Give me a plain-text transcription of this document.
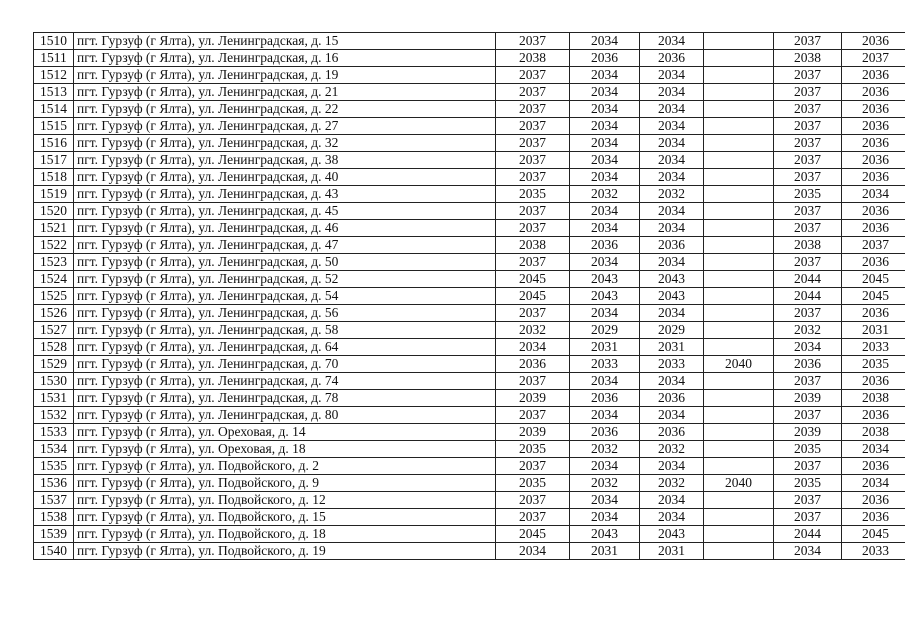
1510	пгт. Гурзуф (г Ялта), ул. Ленинградская, д. 15	2037	2034	2034		2037	2036
1511	пгт. Гурзуф (г Ялта), ул. Ленинградская, д. 16	2038	2036	2036		2038	2037
1512	пгт. Гурзуф (г Ялта), ул. Ленинградская, д. 19	2037	2034	2034		2037	2036
1513	пгт. Гурзуф (г Ялта), ул. Ленинградская, д. 21	2037	2034	2034		2037	2036
1514	пгт. Гурзуф (г Ялта), ул. Ленинградская, д. 22	2037	2034	2034		2037	2036
1515	пгт. Гурзуф (г Ялта), ул. Ленинградская, д. 27	2037	2034	2034		2037	2036
1516	пгт. Гурзуф (г Ялта), ул. Ленинградская, д. 32	2037	2034	2034		2037	2036
1517	пгт. Гурзуф (г Ялта), ул. Ленинградская, д. 38	2037	2034	2034		2037	2036
1518	пгт. Гурзуф (г Ялта), ул. Ленинградская, д. 40	2037	2034	2034		2037	2036
1519	пгт. Гурзуф (г Ялта), ул. Ленинградская, д. 43	2035	2032	2032		2035	2034
1520	пгт. Гурзуф (г Ялта), ул. Ленинградская, д. 45	2037	2034	2034		2037	2036
1521	пгт. Гурзуф (г Ялта), ул. Ленинградская, д. 46	2037	2034	2034		2037	2036
1522	пгт. Гурзуф (г Ялта), ул. Ленинградская, д. 47	2038	2036	2036		2038	2037
1523	пгт. Гурзуф (г Ялта), ул. Ленинградская, д. 50	2037	2034	2034		2037	2036
1524	пгт. Гурзуф (г Ялта), ул. Ленинградская, д. 52	2045	2043	2043		2044	2045
1525	пгт. Гурзуф (г Ялта), ул. Ленинградская, д. 54	2045	2043	2043		2044	2045
1526	пгт. Гурзуф (г Ялта), ул. Ленинградская, д. 56	2037	2034	2034		2037	2036
1527	пгт. Гурзуф (г Ялта), ул. Ленинградская, д. 58	2032	2029	2029		2032	2031
1528	пгт. Гурзуф (г Ялта), ул. Ленинградская, д. 64	2034	2031	2031		2034	2033
1529	пгт. Гурзуф (г Ялта), ул. Ленинградская, д. 70	2036	2033	2033	2040	2036	2035
1530	пгт. Гурзуф (г Ялта), ул. Ленинградская, д. 74	2037	2034	2034		2037	2036
1531	пгт. Гурзуф (г Ялта), ул. Ленинградская, д. 78	2039	2036	2036		2039	2038
1532	пгт. Гурзуф (г Ялта), ул. Ленинградская, д. 80	2037	2034	2034		2037	2036
1533	пгт. Гурзуф (г Ялта), ул. Ореховая, д. 14	2039	2036	2036		2039	2038
1534	пгт. Гурзуф (г Ялта), ул. Ореховая, д. 18	2035	2032	2032		2035	2034
1535	пгт. Гурзуф (г Ялта), ул. Подвойского, д. 2	2037	2034	2034		2037	2036
1536	пгт. Гурзуф (г Ялта), ул. Подвойского, д. 9	2035	2032	2032	2040	2035	2034
1537	пгт. Гурзуф (г Ялта), ул. Подвойского, д. 12	2037	2034	2034		2037	2036
1538	пгт. Гурзуф (г Ялта), ул. Подвойского, д. 15	2037	2034	2034		2037	2036
1539	пгт. Гурзуф (г Ялта), ул. Подвойского, д. 18	2045	2043	2043		2044	2045
1540	пгт. Гурзуф (г Ялта), ул. Подвойского, д. 19	2034	2031	2031		2034	2033
